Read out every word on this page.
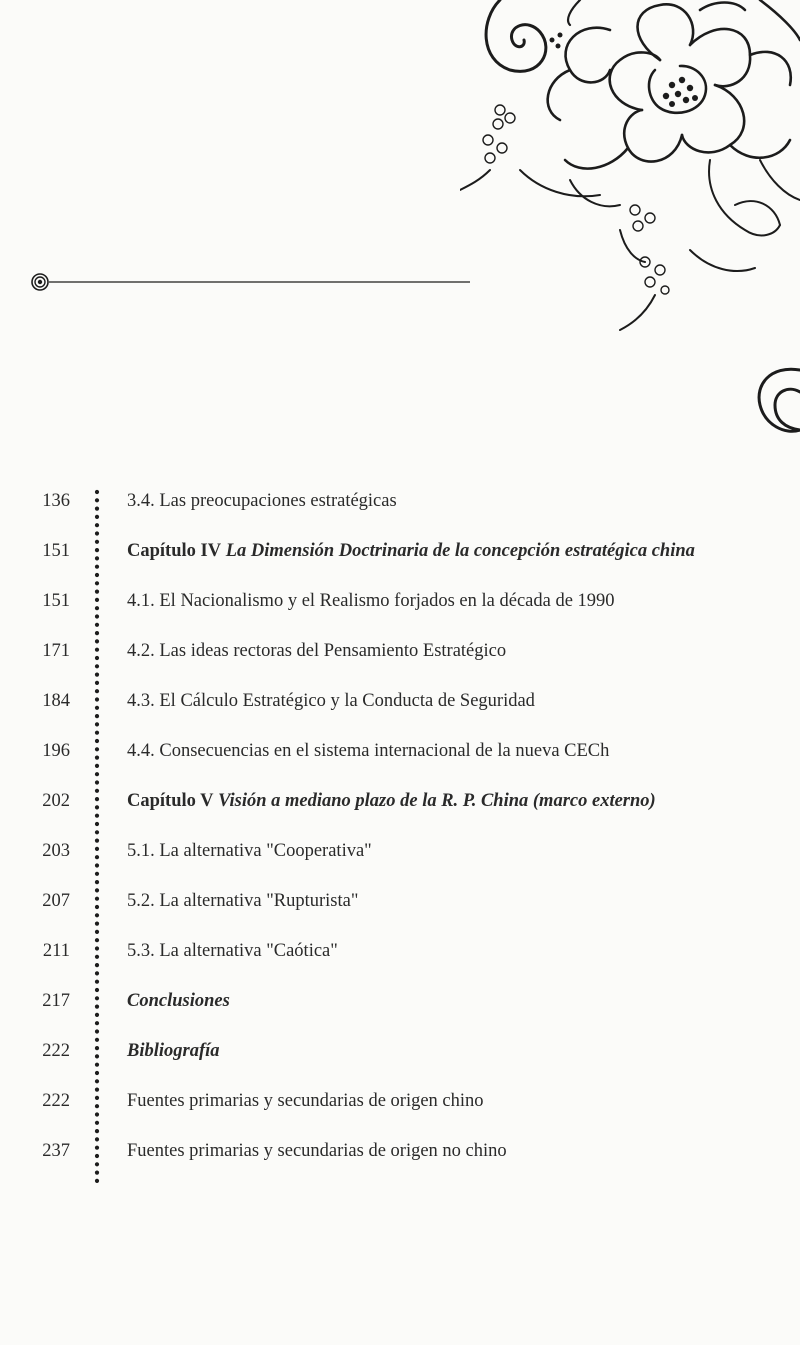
136	3.4. Las preocupaciones estratégicas
151	Capítulo IV La Dimensión Doctrinaria de la concepción estratégica china
151	4.1. El Nacionalismo y el Realismo forjados en la década de 1990
171	4.2. Las ideas rectoras del Pensamiento Estratégico
184	4.3. El Cálculo Estratégico y la Conducta de Seguridad
196	4.4. Consecuencias en el sistema internacional de la nueva CECh
202	Capítulo V Visión a mediano plazo de la R. P. China (marco externo)
203	5.1. La alternativa "Cooperativa"
207	5.2. La alternativa "Rupturista"
211	5.3. La alternativa "Caótica"
217	Conclusiones
222	Bibliografía
222	Fuentes primarias y secundarias de origen chino
237	Fuentes primarias y secundarias de origen no chino
